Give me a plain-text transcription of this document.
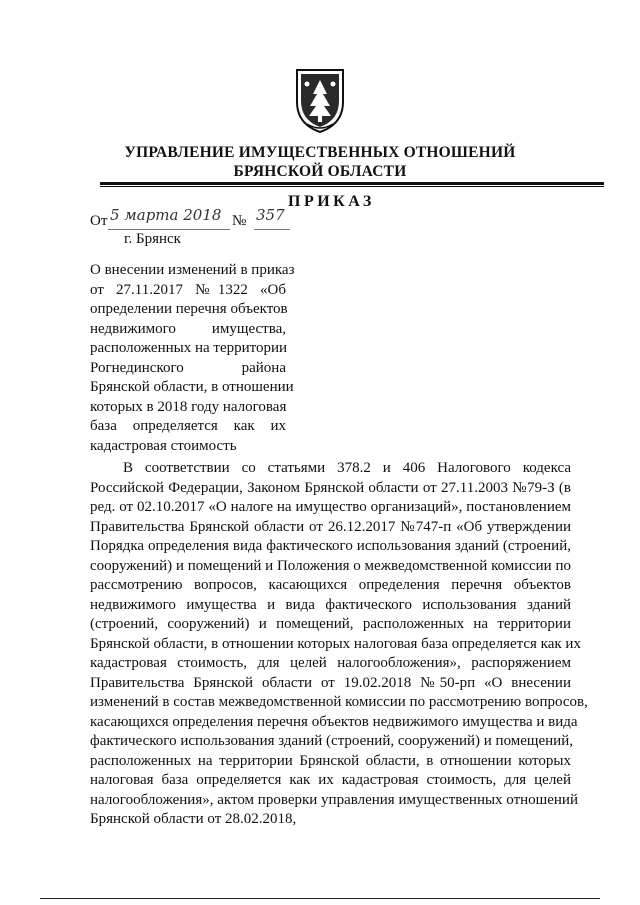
УПРАВЛЕНИЕ ИМУЩЕСТВЕННЫХ ОТНОШЕНИЙ
БРЯНСКОЙ ОБЛАСТИ
ПРИКАЗ
От 5 марта 2018 № 357
г. Брянск
О внесении изменений в приказ
от 27.11.2017 №1322 «Об
определении перечня объектов
недвижимого имущества,
расположенных на территории
Рогнединского района
Брянской области, в отношении
которых в 2018 году налоговая
база определяется как их
кадастровая стоимость
В соответствии со статьями 378.2 и 406 Налогового кодекса
Российской Федерации, Законом Брянской области от 27.11.2003 №79-З (в
ред. от 02.10.2017 «О налоге на имущество организаций», постановлением
Правительства Брянской области от 26.12.2017 №747-п «Об утверждении
Порядка определения вида фактического использования зданий (строений,
сооружений) и помещений и Положения о межведомственной комиссии по
рассмотрению вопросов, касающихся определения перечня объектов
недвижимого имущества и вида фактического использования зданий
(строений, сооружений) и помещений, расположенных на территории
Брянской области, в отношении которых налоговая база определяется как их
кадастровая стоимость, для целей налогообложения», распоряжением
Правительства Брянской области от 19.02.2018 №50-рп «О внесении
изменений в состав межведомственной комиссии по рассмотрению вопросов,
касающихся определения перечня объектов недвижимого имущества и вида
фактического использования зданий (строений, сооружений) и помещений,
расположенных на территории Брянской области, в отношении которых
налоговая база определяется как их кадастровая стоимость, для целей
налогообложения», актом проверки управления имущественных отношений
Брянской области от 28.02.2018,
